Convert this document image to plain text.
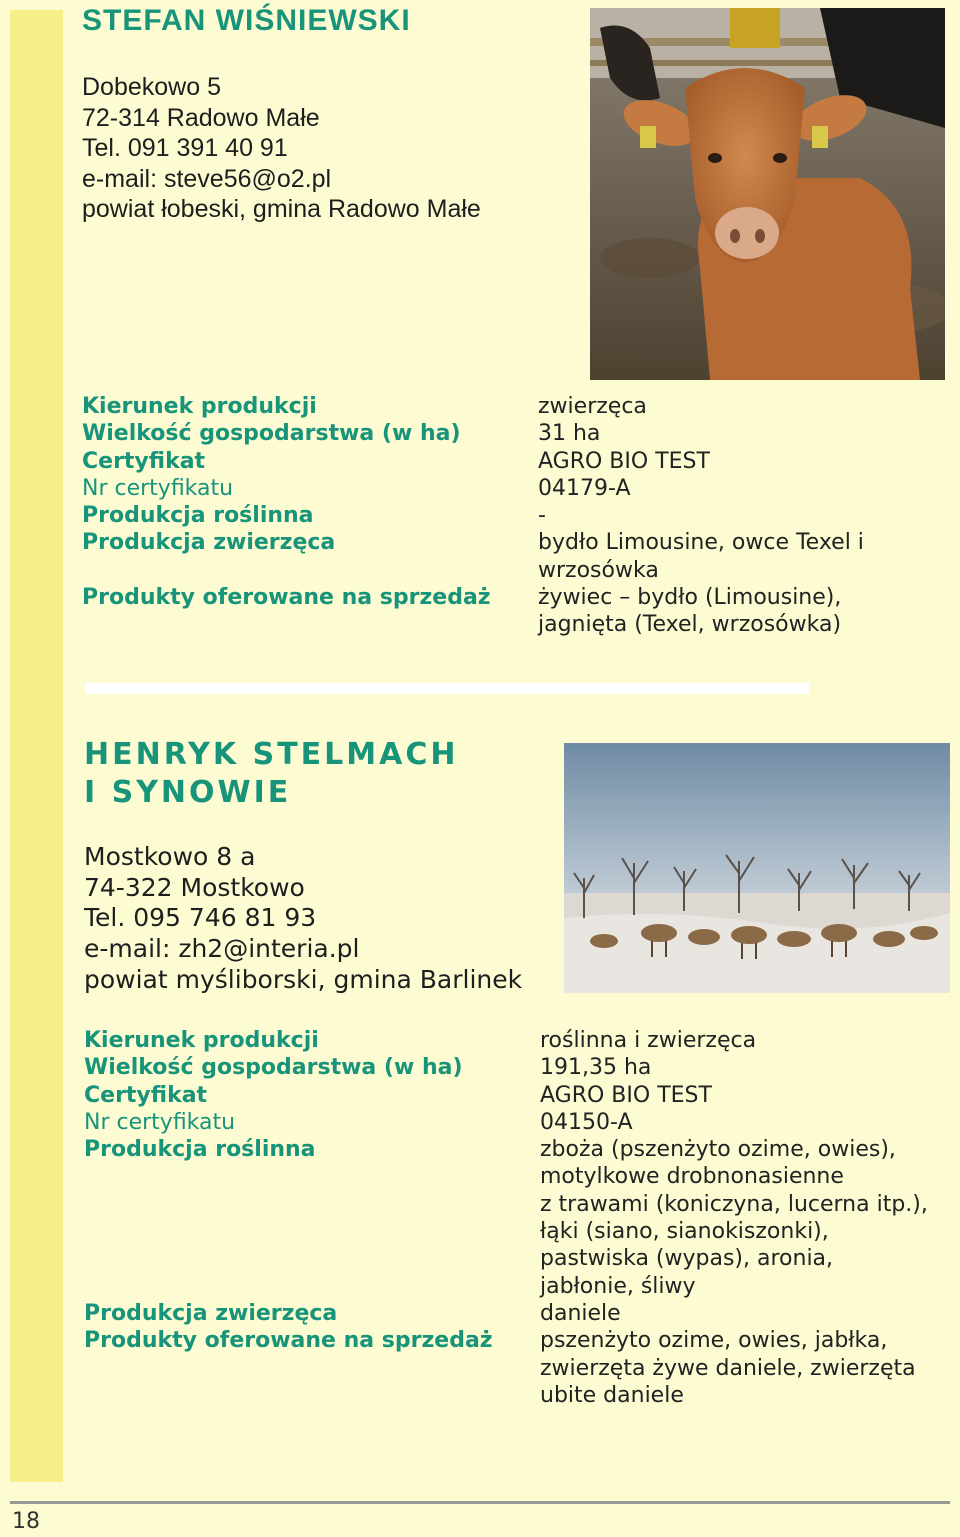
STEFAN WIŚNIEWSKI
Dobekowo 5
72-314 Radowo Małe
Tel. 091 391 40 91
e-mail: steve56@o2.pl
powiat łobeski, gmina Radowo Małe
Kierunek produkcji	zwierzęca
Wielkość gospodarstwa (w ha)	31 ha
Certyfikat	AGRO BIO TEST
Nr certyfikatu	04179-A
Produkcja roślinna	-
Produkcja zwierzęca	bydło Limousine, owce Texel i
wrzosówka
Produkty oferowane na sprzedaż	żywiec – bydło (Limousine),
jagnięta (Texel, wrzosówka)
HENRYK STELMACH
I SYNOWIE
Mostkowo 8 a
74-322 Mostkowo
Tel. 095 746 81 93
e-mail: zh2@interia.pl
powiat myśliborski, gmina Barlinek
Kierunek produkcji	roślinna i zwierzęca
Wielkość gospodarstwa (w ha)	191,35 ha
Certyfikat	AGRO BIO TEST
Nr certyfikatu	04150-A
Produkcja roślinna	zboża (pszenżyto ozime, owies),
motylkowe drobnonasienne
z trawami (koniczyna, lucerna itp.),
łąki (siano, sianokiszonki),
pastwiska (wypas), aronia,
jabłonie, śliwy
Produkcja zwierzęca	daniele
Produkty oferowane na sprzedaż	pszenżyto ozime, owies, jabłka,
zwierzęta żywe daniele, zwierzęta
ubite daniele
18
